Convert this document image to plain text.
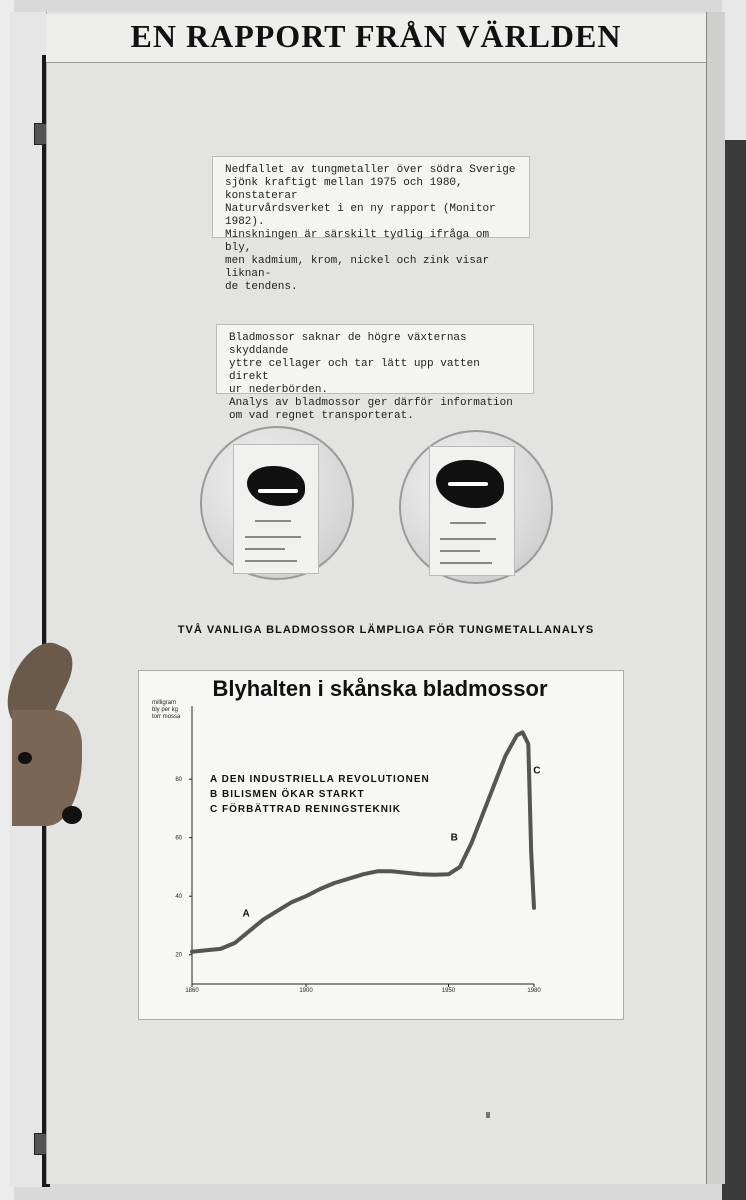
EN RAPPORT FRÅN VÄRLDEN
Nedfallet av tungmetaller över södra Sverige
sjönk kraftigt mellan 1975 och 1980, konstaterar
Naturvårdsverket i en ny rapport (Monitor 1982).
Minskningen är särskilt tydlig ifråga om bly,
men kadmium, krom, nickel och zink visar liknan-
de tendens.
Bladmossor saknar de högre växternas skyddande
yttre cellager och tar lätt upp vatten direkt
ur nederbörden.
Analys av bladmossor ger därför information
om vad regnet transporterat.
TVÅ VANLIGA BLADMOSSOR LÄMPLIGA FÖR TUNGMETALLANALYS
Blyhalten i skånska bladmossor
milligram
bly per kg
torr mossa
20
40
60
80
1860	1900	1950	1980
A
B
C
A DEN INDUSTRIELLA REVOLUTIONEN
B BILISMEN ÖKAR STARKT
C FÖRBÄTTRAD RENINGSTEKNIK
